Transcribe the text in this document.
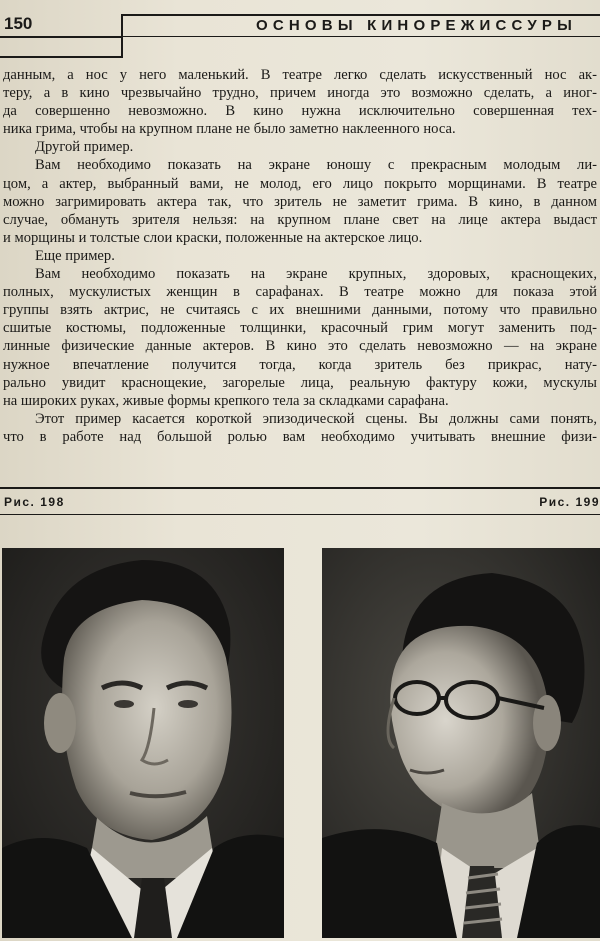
150	ОСНОВЫ КИНОРЕЖИССУРЫ
данным, а нос у него маленький. В театре легко сделать искусственный нос ак-
теру, а в кино чрезвычайно трудно, причем иногда это возможно сделать, а иног-
да совершенно невозможно. В кино нужна исключительно совершенная тех-
ника грима, чтобы на крупном плане не было заметно наклеенного носа.
Другой пример.
Вам необходимо показать на экране юношу с прекрасным молодым ли-
цом, а актер, выбранный вами, не молод, его лицо покрыто морщинами. В театре
можно загримировать актера так, что зритель не заметит грима. В кино, в данном
случае, обмануть зрителя нельзя: на крупном плане свет на лице актера выдаст
и морщины и толстые слои краски, положенные на актерское лицо.
Еще пример.
Вам необходимо показать на экране крупных, здоровых, краснощеких,
полных, мускулистых женщин в сарафанах. В театре можно для показа этой
группы взять актрис, не считаясь с их внешними данными, потому что правильно
сшитые костюмы, подложенные толщинки, красочный грим могут заменить под-
линные физические данные актеров. В кино это сделать невозможно — на экране
нужное впечатление получится тогда, когда зритель без прикрас, нату-
рально увидит краснощекие, загорелые лица, реальную фактуру кожи, мускулы
на широких руках, живые формы крепкого тела за складками сарафана.
Этот пример касается короткой эпизодической сцены. Вы должны сами понять,
что в работе над большой ролью вам необходимо учитывать внешние физи-
Рис. 198	Рис. 199
